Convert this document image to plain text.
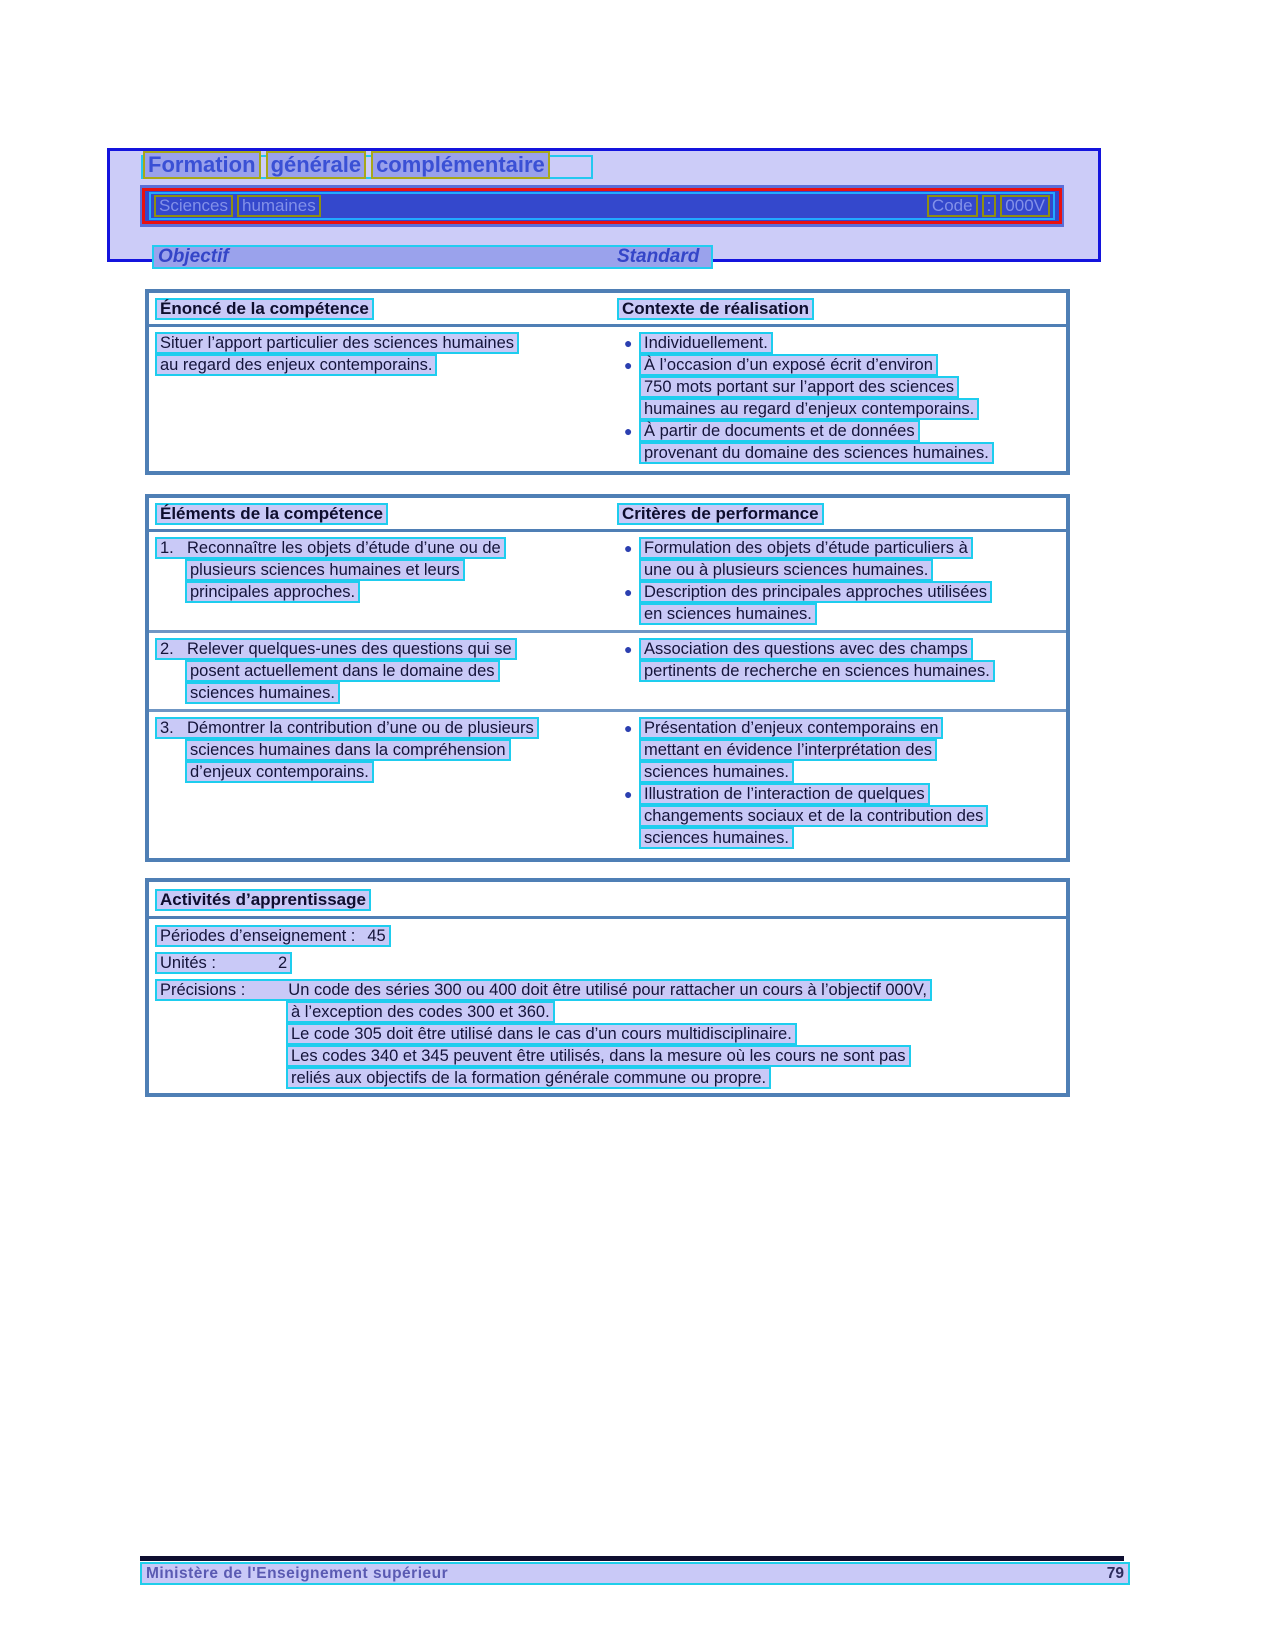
Formation générale complémentaire
Sciences humaines	Code : 000V
Objectif	Standard
Énoncé de la compétence	Contexte de réalisation
Situer l’apport particulier des sciences humaines
au regard des enjeux contemporains.
● Individuellement.
● À l’occasion d’un exposé écrit d’environ
750 mots portant sur l’apport des sciences
humaines au regard d’enjeux contemporains.
● À partir de documents et de données
provenant du domaine des sciences humaines.
Éléments de la compétence	Critères de performance
1. Reconnaître les objets d’étude d’une ou de
plusieurs sciences humaines et leurs
principales approches.
● Formulation des objets d’étude particuliers à
une ou à plusieurs sciences humaines.
● Description des principales approches utilisées
en sciences humaines.
2. Relever quelques-unes des questions qui se
posent actuellement dans le domaine des
sciences humaines.
● Association des questions avec des champs
pertinents de recherche en sciences humaines.
3. Démontrer la contribution d’une ou de plusieurs
sciences humaines dans la compréhension
d’enjeux contemporains.
● Présentation d’enjeux contemporains en
mettant en évidence l’interprétation des
sciences humaines.
● Illustration de l’interaction de quelques
changements sociaux et de la contribution des
sciences humaines.
Activités d’apprentissage
Périodes d’enseignement : 45
Unités :	2
Précisions :	Un code des séries 300 ou 400 doit être utilisé pour rattacher un cours à l’objectif 000V,
à l’exception des codes 300 et 360.
Le code 305 doit être utilisé dans le cas d’un cours multidisciplinaire.
Les codes 340 et 345 peuvent être utilisés, dans la mesure où les cours ne sont pas
reliés aux objectifs de la formation générale commune ou propre.
Ministère de l'Enseignement supérieur	79
